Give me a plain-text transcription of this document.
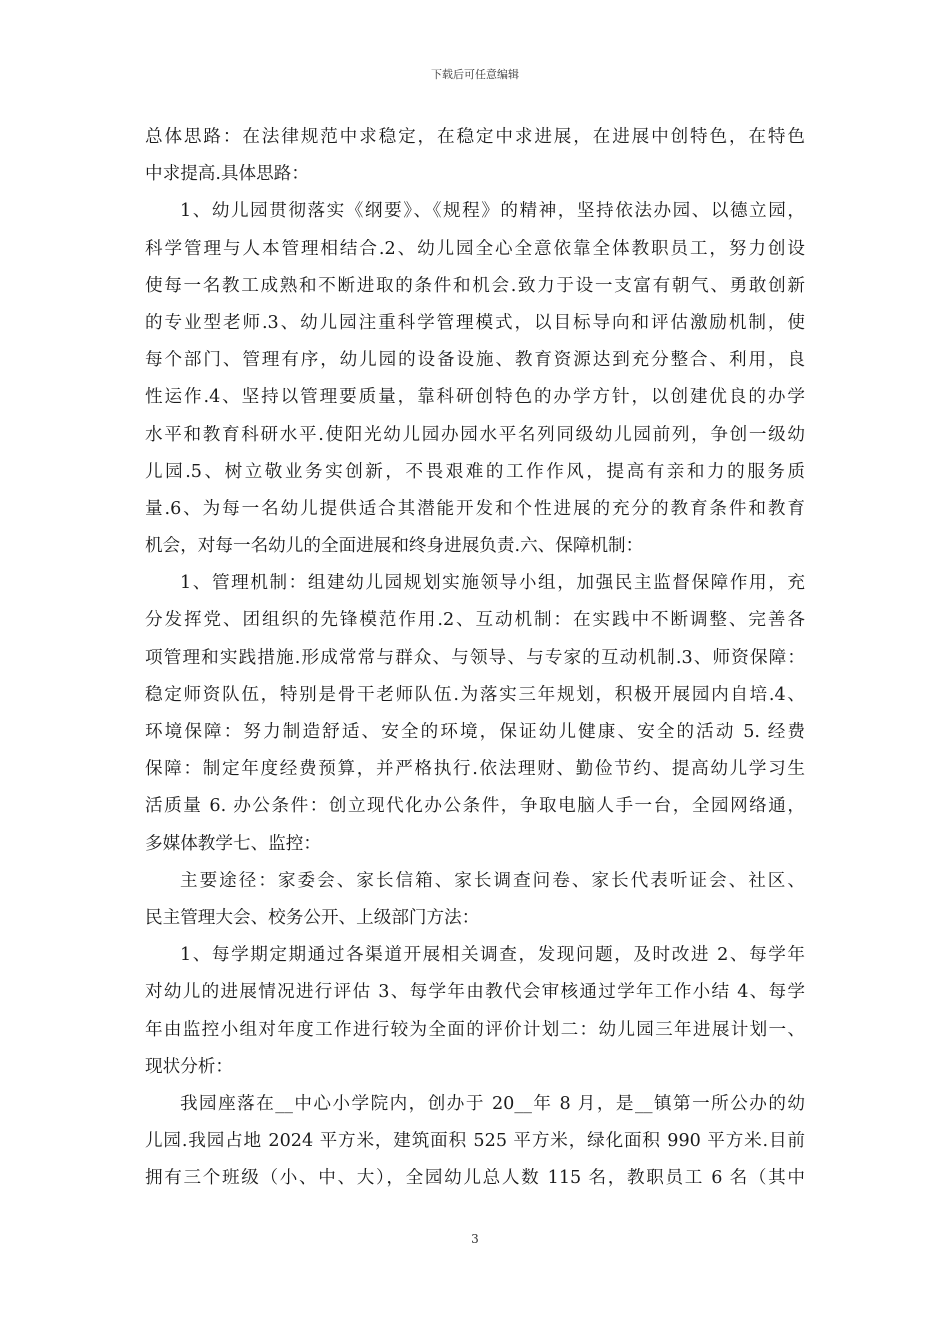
下载后可任意编辑
总体思路：在法律规范中求稳定，在稳定中求进展，在进展中创特色，在特色
中求提高.具体思路：
1、幼儿园贯彻落实《纲要》、《规程》的精神，坚持依法办园、以德立园，
科学管理与人本管理相结合.2、幼儿园全心全意依靠全体教职员工，努力创设
使每一名教工成熟和不断进取的条件和机会.致力于设一支富有朝气、勇敢创新
的专业型老师.3、幼儿园注重科学管理模式，以目标导向和评估激励机制，使
每个部门、管理有序，幼儿园的设备设施、教育资源达到充分整合、利用，良
性运作.4、坚持以管理要质量，靠科研创特色的办学方针，以创建优良的办学
水平和教育科研水平.使阳光幼儿园办园水平名列同级幼儿园前列，争创一级幼
儿园.5、树立敬业务实创新，不畏艰难的工作作风，提高有亲和力的服务质
量.6、为每一名幼儿提供适合其潜能开发和个性进展的充分的教育条件和教育
机会，对每一名幼儿的全面进展和终身进展负责.六、保障机制：
1、管理机制：组建幼儿园规划实施领导小组，加强民主监督保障作用，充
分发挥党、团组织的先锋模范作用.2、互动机制：在实践中不断调整、完善各
项管理和实践措施.形成常常与群众、与领导、与专家的互动机制.3、师资保障：
稳定师资队伍，特别是骨干老师队伍.为落实三年规划，积极开展园内自培.4、
环境保障：努力制造舒适、安全的环境，保证幼儿健康、安全的活动 5. 经费
保障：制定年度经费预算，并严格执行.依法理财、勤俭节约、提高幼儿学习生
活质量 6. 办公条件：创立现代化办公条件，争取电脑人手一台，全园网络通，
多媒体教学七、监控：
主要途径：家委会、家长信箱、家长调查问卷、家长代表听证会、社区、
民主管理大会、校务公开、上级部门方法：
1、每学期定期通过各渠道开展相关调查，发现问题，及时改进 2、每学年
对幼儿的进展情况进行评估 3、每学年由教代会审核通过学年工作小结 4、每学
年由监控小组对年度工作进行较为全面的评价计划二：幼儿园三年进展计划一、
现状分析：
我园座落在__中心小学院内，创办于 20__年 8 月，是__镇第一所公办的幼
儿园.我园占地 2024 平方米，建筑面积 525 平方米，绿化面积 990 平方米.目前
拥有三个班级（小、中、大），全园幼儿总人数 115 名，教职员工 6 名（其中
3
